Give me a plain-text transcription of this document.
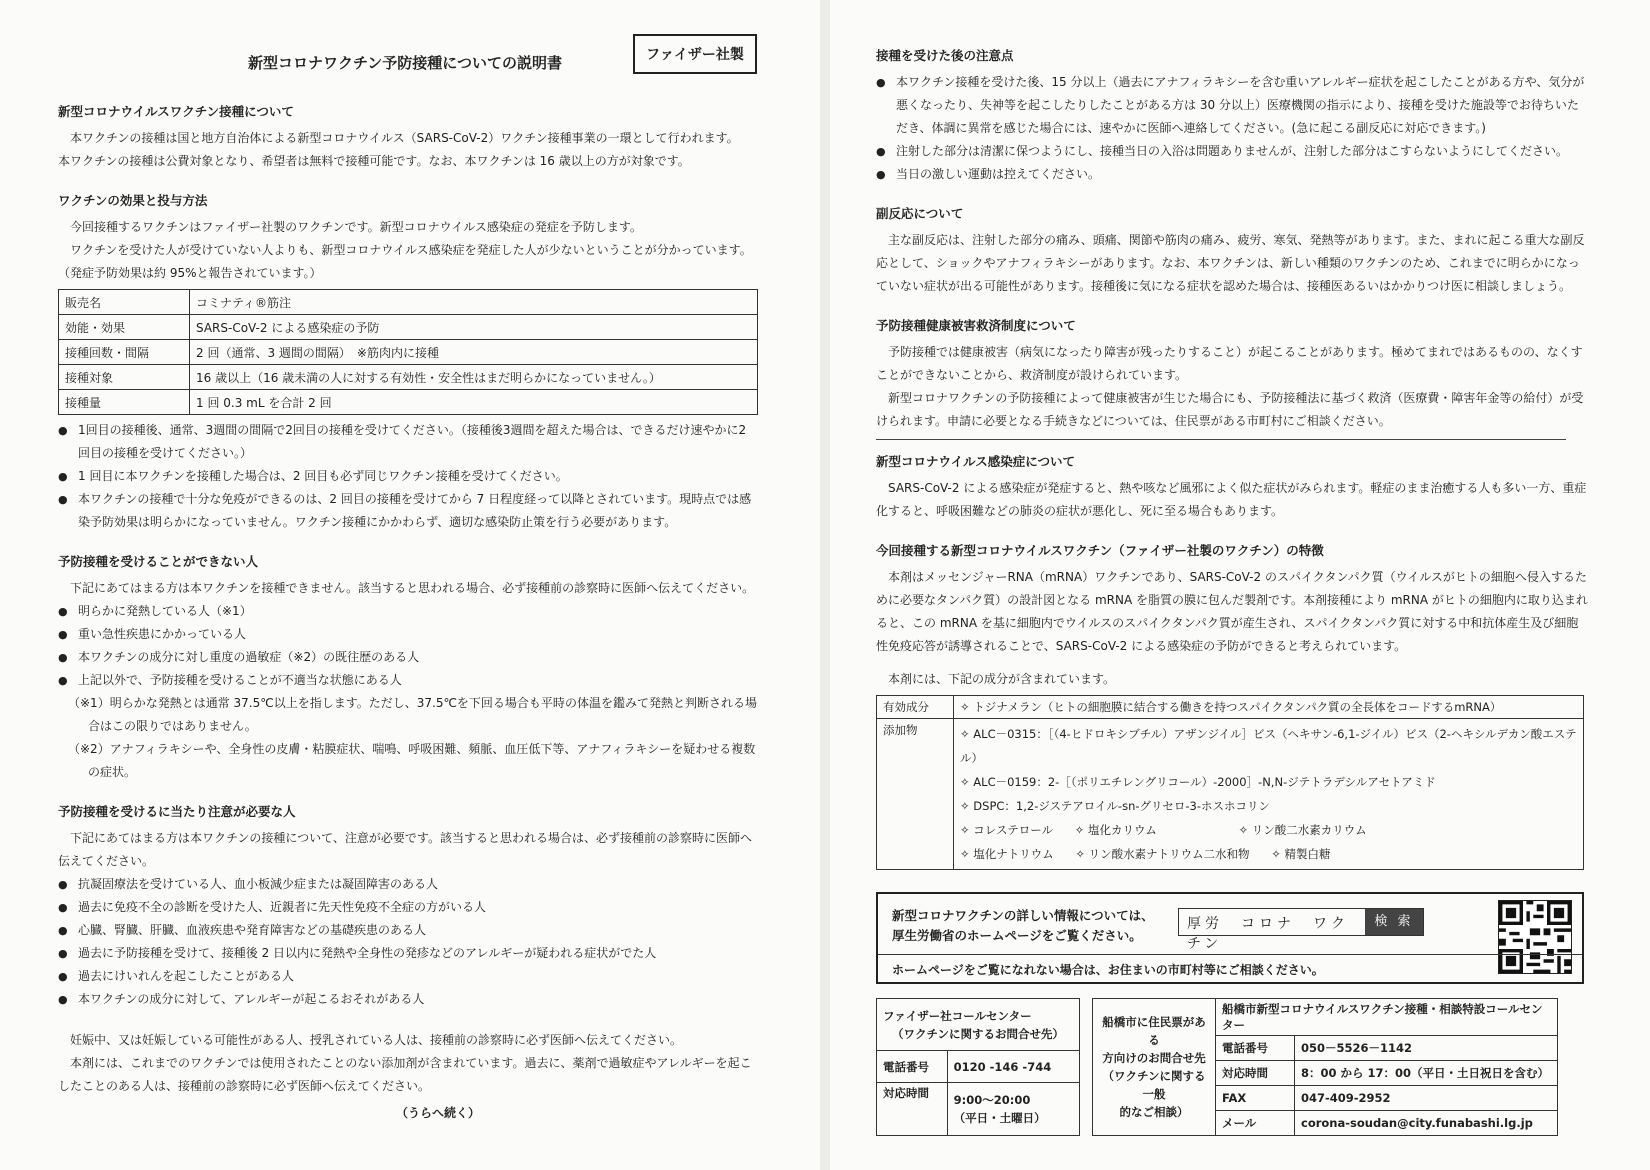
新型コロナワクチン予防接種についての説明書	ファイザー社製
新型コロナウイルスワクチン接種について

本ワクチンの接種は国と地方自治体による新型コロナウイルス（SARS-CoV-2）ワクチン接種事業の一環として行われます。

本ワクチンの接種は公費対象となり、希望者は無料で接種可能です。なお、本ワクチンは 16 歳以上の方が対象です。

ワクチンの効果と投与方法

今回接種するワクチンはファイザー社製のワクチンです。新型コロナウイルス感染症の発症を予防します。

ワクチンを受けた人が受けていない人よりも、新型コロナウイルス感染症を発症した人が少ないということが分かっています。（発症予防効果は約 95%と報告されています。）

販売名	コミナティ®筋注
効能・効果	SARS-CoV-2 による感染症の予防
接種回数・間隔	2 回（通常、3 週間の間隔）　※筋肉内に接種
接種対象	16 歳以上（16 歳未満の人に対する有効性・安全性はまだ明らかになっていません。）
接種量	1 回 0.3 mL を合計 2 回
● 1回目の接種後、通常、3週間の間隔で2回目の接種を受けてください。（接種後3週間を超えた場合は、できるだけ速やかに2回目の接種を受けてください。）
● 1 回目に本ワクチンを接種した場合は、2 回目も必ず同じワクチン接種を受けてください。
● 本ワクチンの接種で十分な免疫ができるのは、2 回目の接種を受けてから 7 日程度経って以降とされています。現時点では感染予防効果は明らかになっていません。ワクチン接種にかかわらず、適切な感染防止策を行う必要があります。
予防接種を受けることができない人

下記にあてはまる方は本ワクチンを接種できません。該当すると思われる場合、必ず接種前の診察時に医師へ伝えてください。

● 明らかに発熱している人（※1）
● 重い急性疾患にかかっている人
● 本ワクチンの成分に対し重度の過敏症（※2）の既往歴のある人
● 上記以外で、予防接種を受けることが不適当な状態にある人

（※1）明らかな発熱とは通常 37.5℃以上を指します。ただし、37.5℃を下回る場合も平時の体温を鑑みて発熱と判断される場合はこの限りではありません。

（※2）アナフィラキシーや、全身性の皮膚・粘膜症状、喘鳴、呼吸困難、頻脈、血圧低下等、アナフィラキシーを疑わせる複数の症状。

予防接種を受けるに当たり注意が必要な人

下記にあてはまる方は本ワクチンの接種について、注意が必要です。該当すると思われる場合は、必ず接種前の診察時に医師へ伝えてください。

● 抗凝固療法を受けている人、血小板減少症または凝固障害のある人
● 過去に免疫不全の診断を受けた人、近親者に先天性免疫不全症の方がいる人
● 心臓、腎臓、肝臓、血液疾患や発育障害などの基礎疾患のある人
● 過去に予防接種を受けて、接種後 2 日以内に発熱や全身性の発疹などのアレルギーが疑われる症状がでた人
● 過去にけいれんを起こしたことがある人
● 本ワクチンの成分に対して、アレルギーが起こるおそれがある人

妊娠中、又は妊娠している可能性がある人、授乳されている人は、接種前の診察時に必ず医師へ伝えてください。

本剤には、これまでのワクチンでは使用されたことのない添加剤が含まれています。過去に、薬剤で過敏症やアレルギーを起こしたことのある人は、接種前の診察時に必ず医師へ伝えてください。

（うらへ続く）
接種を受けた後の注意点
● 本ワクチン接種を受けた後、15 分以上（過去にアナフィラキシーを含む重いアレルギー症状を起こしたことがある方や、気分が悪くなったり、失神等を起こしたりしたことがある方は 30 分以上）医療機関の指示により、接種を受けた施設等でお待ちいただき、体調に異常を感じた場合には、速やかに医師へ連絡してください。(急に起こる副反応に対応できます。)
● 注射した部分は清潔に保つようにし、接種当日の入浴は問題ありませんが、注射した部分はこすらないようにしてください。
● 当日の激しい運動は控えてください。
副反応について

主な副反応は、注射した部分の痛み、頭痛、関節や筋肉の痛み、疲労、寒気、発熱等があります。また、まれに起こる重大な副反応として、ショックやアナフィラキシーがあります。なお、本ワクチンは、新しい種類のワクチンのため、これまでに明らかになっていない症状が出る可能性があります。接種後に気になる症状を認めた場合は、接種医あるいはかかりつけ医に相談しましょう。

予防接種健康被害救済制度について

予防接種では健康被害（病気になったり障害が残ったりすること）が起こることがあります。極めてまれではあるものの、なくすことができないことから、救済制度が設けられています。

新型コロナワクチンの予防接種によって健康被害が生じた場合にも、予防接種法に基づく救済（医療費・障害年金等の給付）が受けられます。申請に必要となる手続きなどについては、住民票がある市町村にご相談ください。

新型コロナウイルス感染症について

SARS-CoV-2 による感染症が発症すると、熱や咳など風邪によく似た症状がみられます。軽症のまま治癒する人も多い一方、重症化すると、呼吸困難などの肺炎の症状が悪化し、死に至る場合もあります。

今回接種する新型コロナウイルスワクチン（ファイザー社製のワクチン）の特徴

本剤はメッセンジャーRNA（mRNA）ワクチンであり、SARS-CoV-2 のスパイクタンパク質（ウイルスがヒトの細胞へ侵入するために必要なタンパク質）の設計図となる mRNA を脂質の膜に包んだ製剤です。本剤接種により mRNA がヒトの細胞内に取り込まれると、この mRNA を基に細胞内でウイルスのスパイクタンパク質が産生され、スパイクタンパク質に対する中和抗体産生及び細胞性免疫応答が誘導されることで、SARS-CoV-2 による感染症の予防ができると考えられています。

本剤には、下記の成分が含まれています。

有効成分	✧ トジナメラン（ヒトの細胞膜に結合する働きを持つスパイクタンパク質の全長体をコードするmRNA）
添加物	✧ ALC－0315：［（4-ヒドロキシブチル）アザンジイル］ビス（ヘキサン-6,1-ジイル）ビス（2-ヘキシルデカン酸エステル）
✧ ALC－0159：2-［（ポリエチレングリコール）-2000］-N,N-ジテトラデシルアセトアミド
✧ DSPC：1,2-ジステアロイル-sn-グリセロ-3-ホスホコリン
✧ コレステロール ✧ 塩化カリウム ✧ リン酸二水素カリウム
✧ 塩化ナトリウム ✧ リン酸水素ナトリウム二水和物 ✧ 精製白糖
新型コロナワクチンの詳しい情報については、
厚生労働省のホームページをご覧ください。
厚労　コロナ　ワクチン
検 索
ホームページをご覧になれない場合は、お住まいの市町村等にご相談ください。
ファイザー社コールセンター
（ワクチンに関するお問合せ先）	

電話番号	0120 -146 -744
対応時間	9:00～20:00
（平日・土曜日）
船橋市に住民票がある
方向けのお問合せ先
（ワクチンに関する一般
的なご相談）	船橋市新型コロナウイルスワクチン接種・相談特設コールセンター	
	電話番号	050－5526－1142
	対応時間	8：00 から 17：00（平日・土日祝日を含む）
	FAX	047-409-2952
	メール	corona-soudan@city.funabashi.lg.jp
